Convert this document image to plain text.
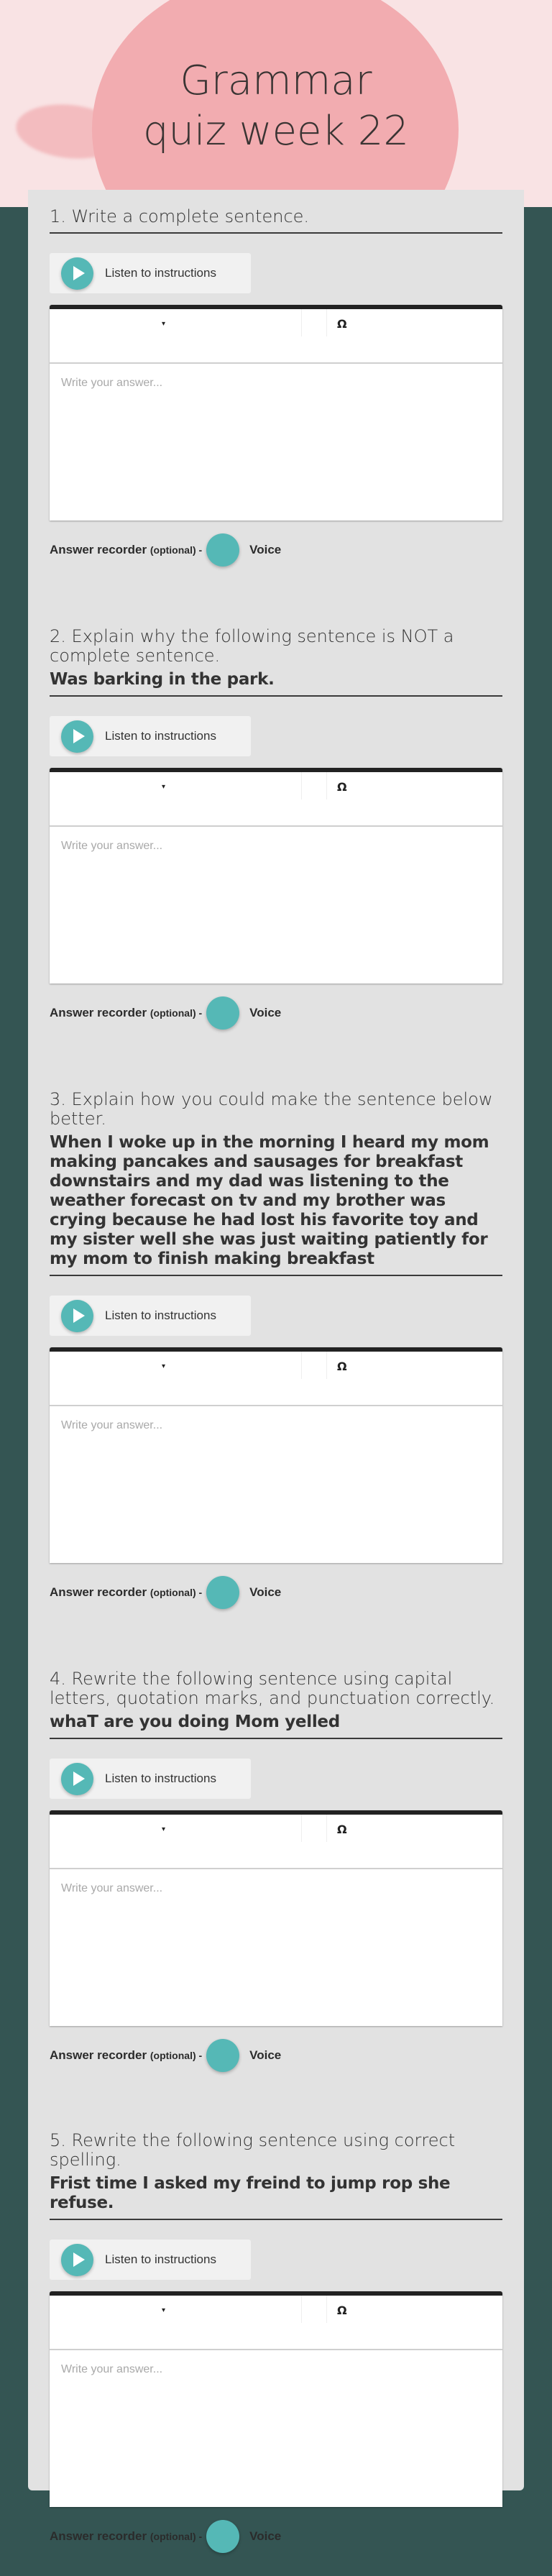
Grammar
quiz week 22
1. Write a complete sentence.
Listen to instructions
▾	Ω
Write your answer...
Answer recorder (optional) -	Voice
2. Explain why the following sentence is NOT a complete sentence.
Was barking in the park.
Listen to instructions
▾	Ω
Write your answer...
Answer recorder (optional) -	Voice
3. Explain how you could make the sentence below better.
When I woke up in the morning I heard my mom making pancakes and sausages for breakfast downstairs and my dad was listening to the weather forecast on tv and my brother was crying because he had lost his favorite toy and my sister well she was just waiting patiently for my mom to finish making breakfast
Listen to instructions
▾	Ω
Write your answer...
Answer recorder (optional) -	Voice
4. Rewrite the following sentence using capital letters, quotation marks, and punctuation correctly.
whaT are you doing Mom yelled
Listen to instructions
▾	Ω
Write your answer...
Answer recorder (optional) -	Voice
5. Rewrite the following sentence using correct spelling.
Frist time I asked my freind to jump rop she refuse.
Listen to instructions
▾	Ω
Write your answer...
Answer recorder (optional) -	Voice
